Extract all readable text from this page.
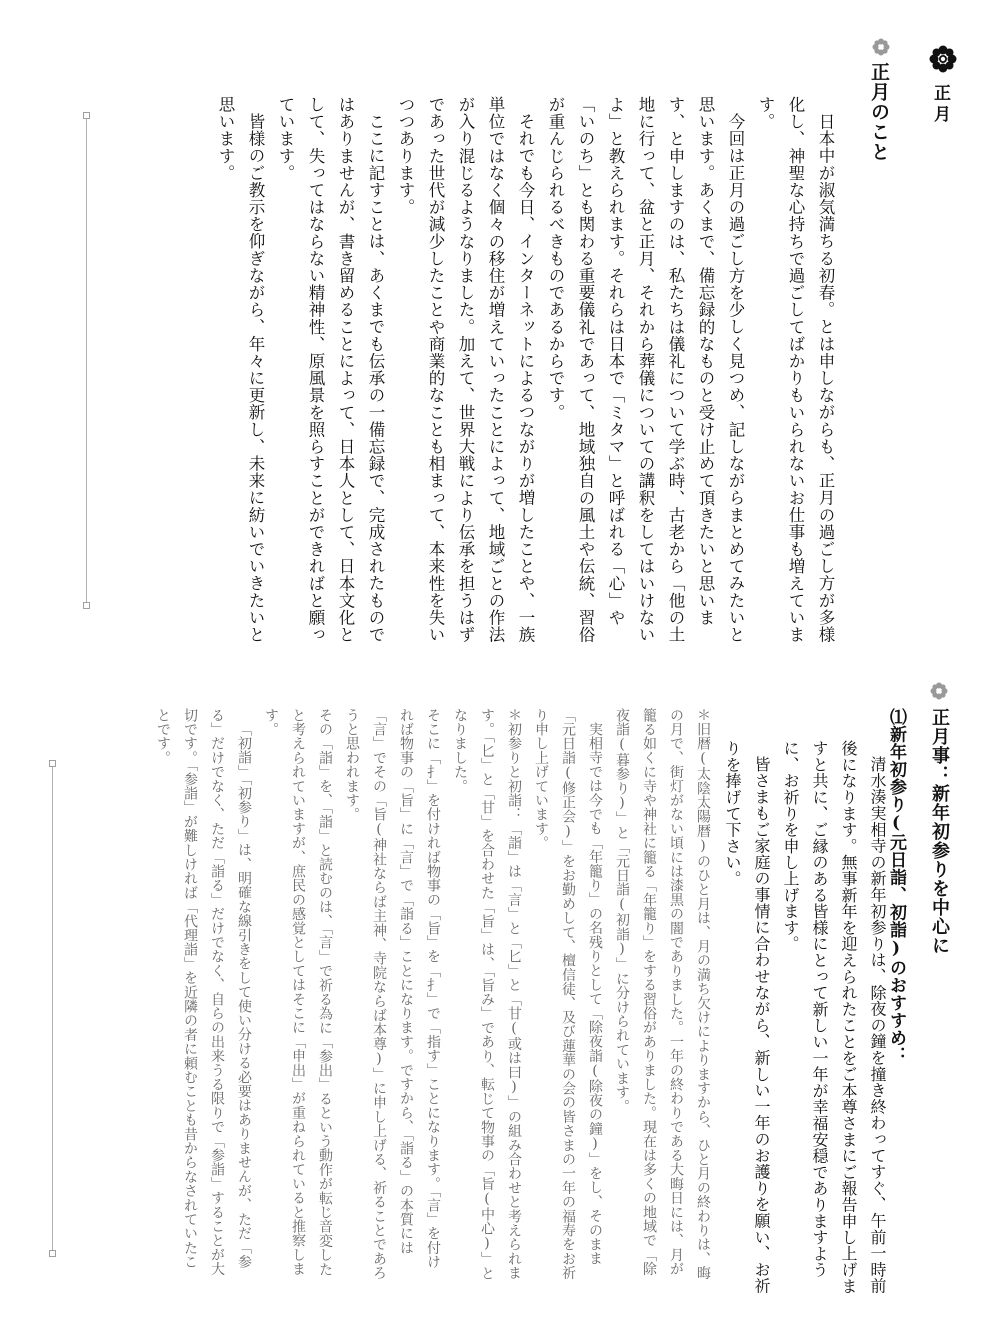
正月
正月のこと

日本中が淑気満ちる初春。とは申しながらも、正月の過ごし方が多様化し、神聖な心持ちで過ごしてばかりもいられないお仕事も増えています。

今回は正月の過ごし方を少しく見つめ、記しながらまとめてみたいと思います。あくまで、備忘録的なものと受け止めて頂きたいと思います、と申しますのは、私たちは儀礼について学ぶ時、古老から「他の土地に行って、盆と正月、それから葬儀についての講釈をしてはいけないよ」と教えられます。それらは日本で「ミタマ」と呼ばれる「心」や「いのち」とも関わる重要儀礼であって、地域独自の風土や伝統、習俗が重んじられるべきものであるからです。

それでも今日、インターネットによるつながりが増したことや、一族単位ではなく個々の移住が増えていったことによって、地域ごとの作法が入り混じるようなりました。加えて、世界大戦により伝承を担うはずであった世代が減少したことや商業的なことも相まって、本来性を失いつつあります。

ここに記すことは、あくまでも伝承の一備忘録で、完成されたものではありませんが、書き留めることによって、日本人として、日本文化として、失ってはならない精神性、原風景を照らすことができればと願っています。

皆様のご教示を仰ぎながら、年々に更新し、未来に紡いでいきたいと思います。

正月事：新年初参りを中心に
⑴新年初参り(元日詣、初詣)のおすすめ：

清水湊実相寺の新年初参りは、除夜の鐘を撞き終わってすぐ、午前一時前後になります。無事新年を迎えられたことをご本尊さまにご報告申し上げますと共に、ご縁のある皆様にとって新しい一年が幸福安穏でありますように、お祈りを申し上げます。

皆さまもご家庭の事情に合わせながら、新しい一年のお護りを願い、お祈りを捧げて下さい。

＊旧暦(太陰太陽暦)のひと月は、月の満ち欠けによりますから、ひと月の終わりは、晦の月で、街灯がない頃には漆黒の闇でありました。一年の終わりである大晦日には、月が籠る如くに寺や神社に籠る「年籠り」をする習俗がありました。現在は多くの地域で「除夜詣(暮参り)」と「元日詣(初詣)」に分けられています。

実相寺では今でも「年籠り」の名残りとして「除夜詣(除夜の鐘)」をし、そのまま「元日詣(修正会)」をお勤めして、檀信徒、及び蓮華の会の皆さまの一年の福寿をお祈り申し上げています。

＊初参りと初詣：「詣」は「言」と「匕」と「甘(或は曰)」の組み合わせと考えられます。「匕」と「甘」を合わせた「旨」は、「旨み」であり、転じて物事の「旨(中心)」となりました。

そこに「扌」を付ければ物事の「旨」を「扌」で「指す」ことになります。「言」を付ければ物事の「旨」に「言」で「詣る」ことになります。ですから、「詣る」の本質には「言」でその「旨(神社ならば主神、寺院ならば本尊)」に申し上げる、祈ることであろうと思われます。

その「詣」を、「詣」と読むのは、「言」で祈る為に「参出」るという動作が転じ音変したと考えられていますが、庶民の感覚としてはそこに「申出」が重ねられていると推察します。

「初詣」「初参り」は、明確な線引きをして使い分ける必要はありませんが、ただ「参る」だけでなく、ただ「詣る」だけでなく、自らの出来うる限りで「参詣」することが大切です。「参詣」が難しければ「代理詣」を近隣の者に頼むことも昔からなされていたことです。
